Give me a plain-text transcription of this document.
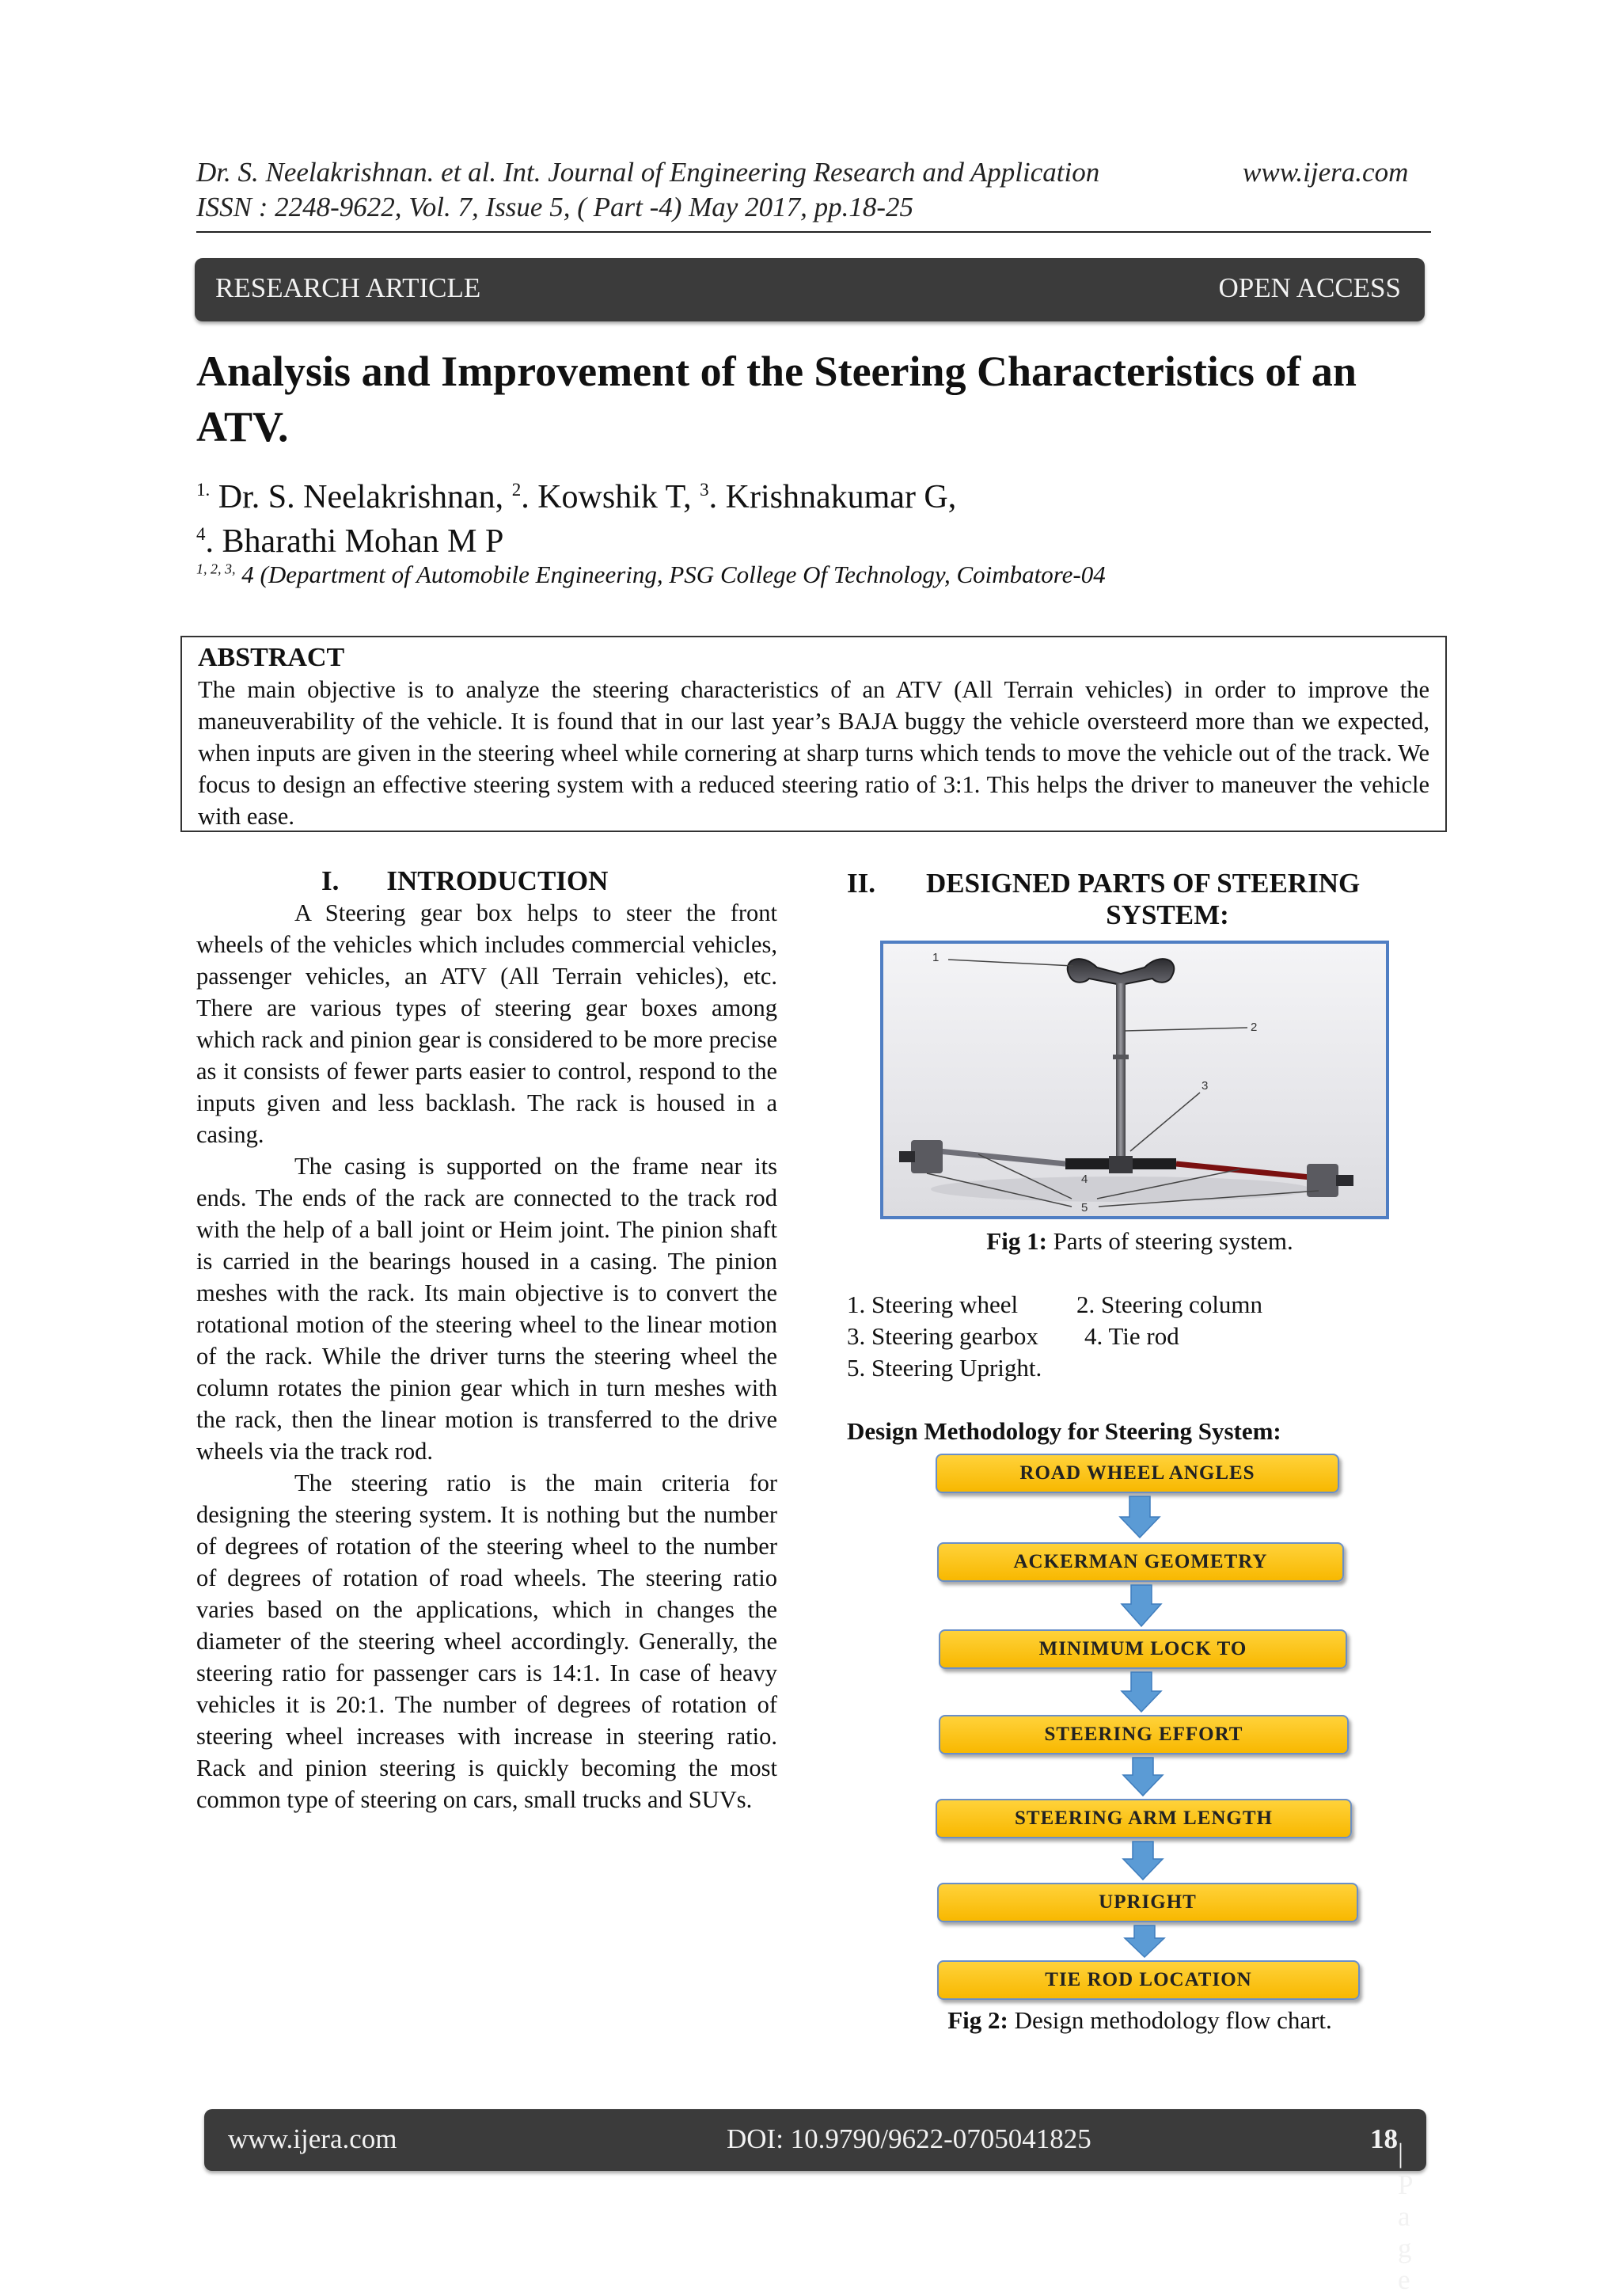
Dr. S. Neelakrishnan. et al. Int. Journal of Engineering Research and Application	www.ijera.com
ISSN : 2248-9622, Vol. 7, Issue 5, ( Part -4) May 2017, pp.18-25
RESEARCH ARTICLE	OPEN ACCESS
Analysis and Improvement of the Steering Characteristics of an
ATV.
$^{1.}$ Dr. S. Neelakrishnan, $^2$. Kowshik T, $^3$. Krishnakumar G,
$^4$. Bharathi Mohan M P
$^{1, 2, 3,}$ 4 (Department of Automobile Engineering, PSG College Of Technology, Coimbatore-04
ABSTRACT
The main objective is to analyze the steering characteristics of an ATV (All Terrain vehicles) in order to improve the maneuverability of the vehicle. It is found that in our last year’s BAJA buggy the vehicle oversteerd more than we expected, when inputs are given in the steering wheel while cornering at sharp turns which tends to move the vehicle out of the track. We focus to design an effective steering system with a reduced steering ratio of 3:1. This helps the driver to maneuver the vehicle with ease.
I. INTRODUCTION

A Steering gear box helps to steer the front wheels of the vehicles which includes commercial vehicles, passenger vehicles, an ATV (All Terrain vehicles), etc. There are various types of steering gear boxes among which rack and pinion gear is considered to be more precise as it consists of fewer parts easier to control, respond to the inputs given and less backlash. The rack is housed in a casing.

The casing is supported on the frame near its ends. The ends of the rack are connected to the track rod with the help of a ball joint or Heim joint. The pinion shaft is carried in the bearings housed in a casing. The pinion meshes with the rack. Its main objective is to convert the rotational motion of the steering wheel to the linear motion of the rack. While the driver turns the steering wheel the column rotates the pinion gear which in turn meshes with the rack, then the linear motion is transferred to the drive wheels via the track rod.

The steering ratio is the main criteria for designing the steering system. It is nothing but the number of degrees of rotation of the steering wheel to the number of degrees of rotation of road wheels. The steering ratio varies based on the applications, which in changes the diameter of the steering wheel accordingly. Generally, the steering ratio for passenger cars is 14:1. In case of heavy vehicles it is 20:1. The number of degrees of rotation of steering wheel increases with increase in steering ratio. Rack and pinion steering is quickly becoming the most common type of steering on cars, small trucks and SUVs.

II. DESIGNED PARTS OF STEERING
SYSTEM:
1
2
3
4
5
Fig 1: Parts of steering system.
1. Steering wheel 2. Steering column
3. Steering gearbox 4. Tie rod
5. Steering Upright.
Design Methodology for Steering System:
ROAD WHEEL ANGLES
ACKERMAN GEOMETRY
MINIMUM LOCK TO
STEERING EFFORT
STEERING ARM LENGTH
UPRIGHT
TIE ROD LOCATION
Fig 2: Design methodology flow chart.
www.ijera.com	DOI: 10.9790/9622-0705041825	18 | P a g e
